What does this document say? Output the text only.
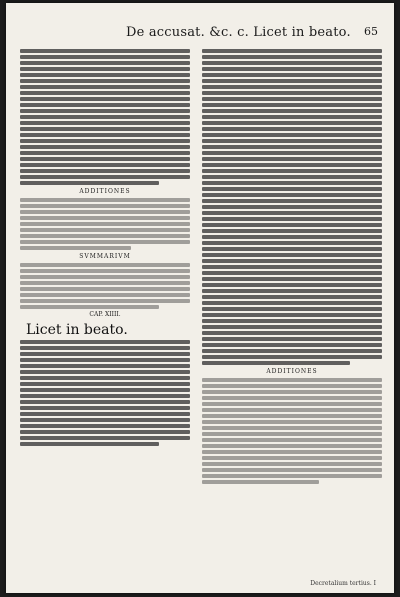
De accusat. &c. c. Licet in beato. 65
ADDITIONES
SVMMARIVM
CAP. XIIII.
Licet in beato.
ADDITIONES
Decretalium tertius. I
